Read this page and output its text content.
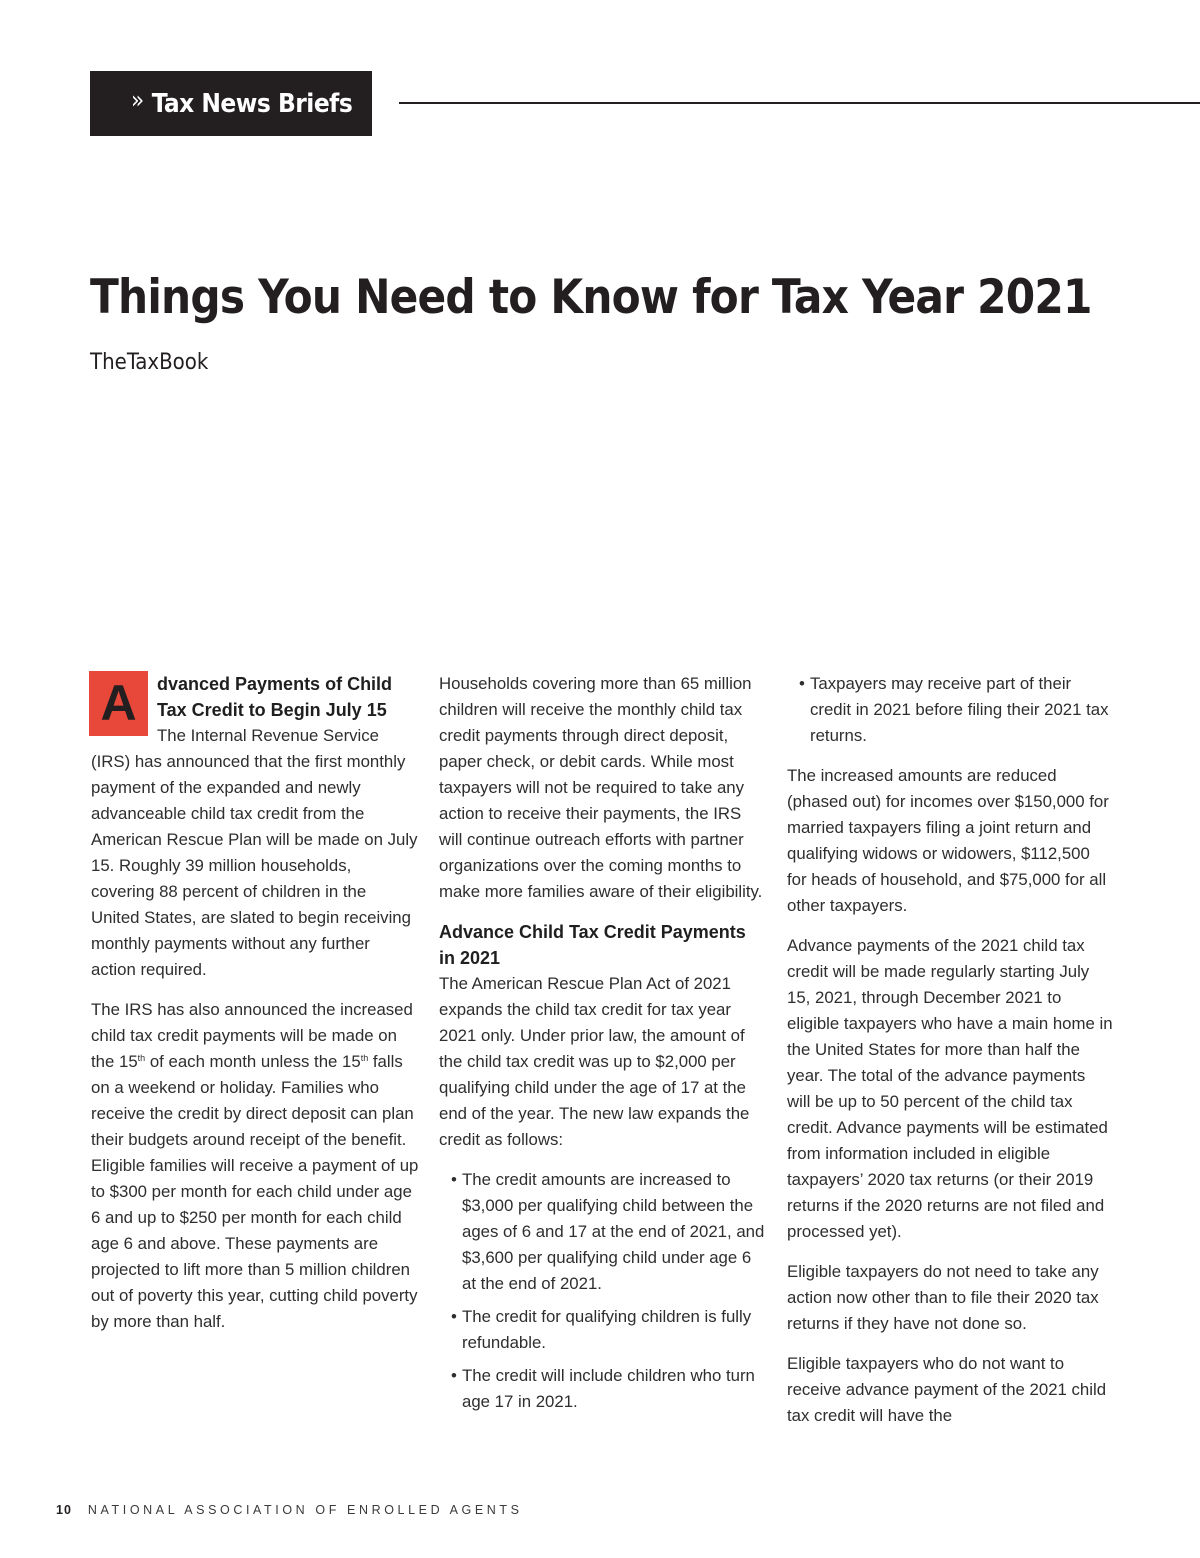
» Tax News Briefs
Things You Need to Know for Tax Year 2021
TheTaxBook
A	dvanced Payments of Child Tax Credit to Begin July 15

The Internal Revenue Service (IRS) has announced that the first monthly payment of the expanded and newly advanceable child tax credit from the American Rescue Plan will be made on July 15. Roughly 39 million households, covering 88 percent of children in the United States, are slated to begin receiving monthly payments without any further action required.

The IRS has also announced the increased child tax credit payments will be made on the 15th of each month unless the 15th falls on a weekend or holiday. Families who receive the credit by direct deposit can plan their budgets around receipt of the benefit. Eligible families will receive a payment of up to $300 per month for each child under age 6 and up to $250 per month for each child age 6 and above. These payments are projected to lift more than 5 million children out of poverty this year, cutting child poverty by more than half.

Households covering more than 65 million children will receive the monthly child tax credit payments through direct deposit, paper check, or debit cards. While most taxpayers will not be required to take any action to receive their payments, the IRS will continue outreach efforts with partner organizations over the coming months to make more families aware of their eligibility.

Advance Child Tax Credit Payments in 2021

The American Rescue Plan Act of 2021 expands the child tax credit for tax year 2021 only. Under prior law, the amount of the child tax credit was up to $2,000 per qualifying child under the age of 17 at the end of the year. The new law expands the credit as follows:

• The credit amounts are increased to $3,000 per qualifying child between the ages of 6 and 17 at the end of 2021, and $3,600 per qualifying child under age 6 at the end of 2021.
• The credit for qualifying children is fully refundable.
• The credit will include children who turn age 17 in 2021.
• Taxpayers may receive part of their credit in 2021 before filing their 2021 tax returns.

The increased amounts are reduced (phased out) for incomes over $150,000 for married taxpayers filing a joint return and qualifying widows or widowers, $112,500 for heads of household, and $75,000 for all other taxpayers.

Advance payments of the 2021 child tax credit will be made regularly starting July 15, 2021, through December 2021 to eligible taxpayers who have a main home in the United States for more than half the year. The total of the advance payments will be up to 50 percent of the child tax credit. Advance payments will be estimated from information included in eligible taxpayers’ 2020 tax returns (or their 2019 returns if the 2020 returns are not filed and processed yet).

Eligible taxpayers do not need to take any action now other than to file their 2020 tax returns if they have not done so.

Eligible taxpayers who do not want to receive advance payment of the 2021 child tax credit will have the

10 NATIONAL ASSOCIATION OF ENROLLED AGENTS
